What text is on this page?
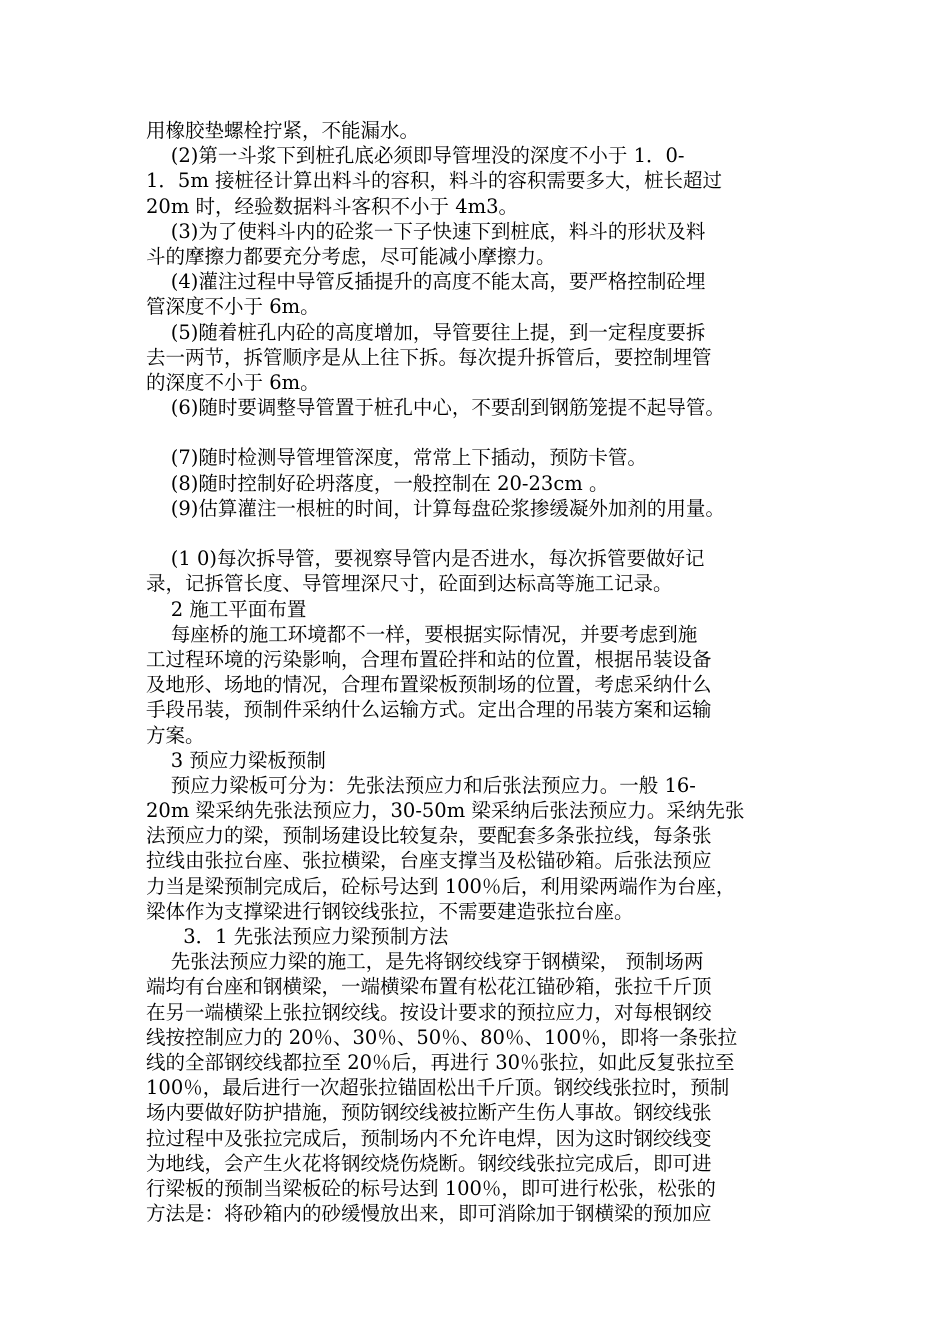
用橡胶垫螺栓拧紧，不能漏水。
(2)第一斗浆下到桩孔底必须即导管埋没的深度不小于 1．0-
1．5m 接桩径计算出料斗的容积，料斗的容积需要多大，桩长超过
20m 时，经验数据料斗客积不小于 4m3。
(3)为了使料斗内的砼浆一下子快速下到桩底，料斗的形状及料
斗的摩擦力都要充分考虑，尽可能减小摩擦力。
(4)灌注过程中导管反插提升的高度不能太高，要严格控制砼埋
管深度不小于 6m。
(5)随着桩孔内砼的高度增加，导管要往上提，到一定程度要拆
去一两节，拆管顺序是从上往下拆。每次提升拆管后，要控制埋管
的深度不小于 6m。
(6)随时要调整导管置于桩孔中心，不要刮到钢筋笼提不起导管。
(7)随时检测导管埋管深度，常常上下插动，预防卡管。
(8)随时控制好砼坍落度，一般控制在 20-23cm 。
(9)估算灌注一根桩的时间，计算每盘砼浆掺缓凝外加剂的用量。
(1 0)每次拆导管，要视察导管内是否进水，每次拆管要做好记
录，记拆管长度、导管埋深尺寸，砼面到达标高等施工记录。
2 施工平面布置
每座桥的施工环境都不一样，要根据实际情况，并要考虑到施
工过程环境的污染影响，合理布置砼拌和站的位置，根据吊装设备
及地形、场地的情况，合理布置梁板预制场的位置，考虑采纳什么
手段吊装，预制件采纳什么运输方式。定出合理的吊装方案和运输
方案。
3 预应力梁板预制
预应力梁板可分为：先张法预应力和后张法预应力。一般 16-
20m 梁采纳先张法预应力，30-50m 梁采纳后张法预应力。采纳先张
法预应力的梁，预制场建设比较复杂，要配套多条张拉线，每条张
拉线由张拉台座、张拉横梁，台座支撑当及松锚砂箱。后张法预应
力当是梁预制完成后，砼标号达到 100％后，利用梁两端作为台座，
梁体作为支撑梁进行钢铰线张拉，不需要建造张拉台座。
3．1 先张法预应力梁预制方法
先张法预应力梁的施工，是先将钢绞线穿于钢横梁， 预制场两
端均有台座和钢横梁，一端横梁布置有松花江锚砂箱，张拉千斤顶
在另一端横梁上张拉钢绞线。按设计要求的预拉应力，对每根钢绞
线按控制应力的 20％、30％、50％、80％、100％，即将一条张拉
线的全部钢绞线都拉至 20％后，再进行 30％张拉，如此反复张拉至
100％，最后进行一次超张拉锚固松出千斤顶。钢绞线张拉时，预制
场内要做好防护措施，预防钢绞线被拉断产生伤人事故。钢绞线张
拉过程中及张拉完成后，预制场内不允许电焊，因为这时钢绞线变
为地线，会产生火花将钢绞烧伤烧断。钢绞线张拉完成后，即可进
行梁板的预制当梁板砼的标号达到 100％，即可进行松张，松张的
方法是：将砂箱内的砂缓慢放出来，即可消除加于钢横梁的预加应
